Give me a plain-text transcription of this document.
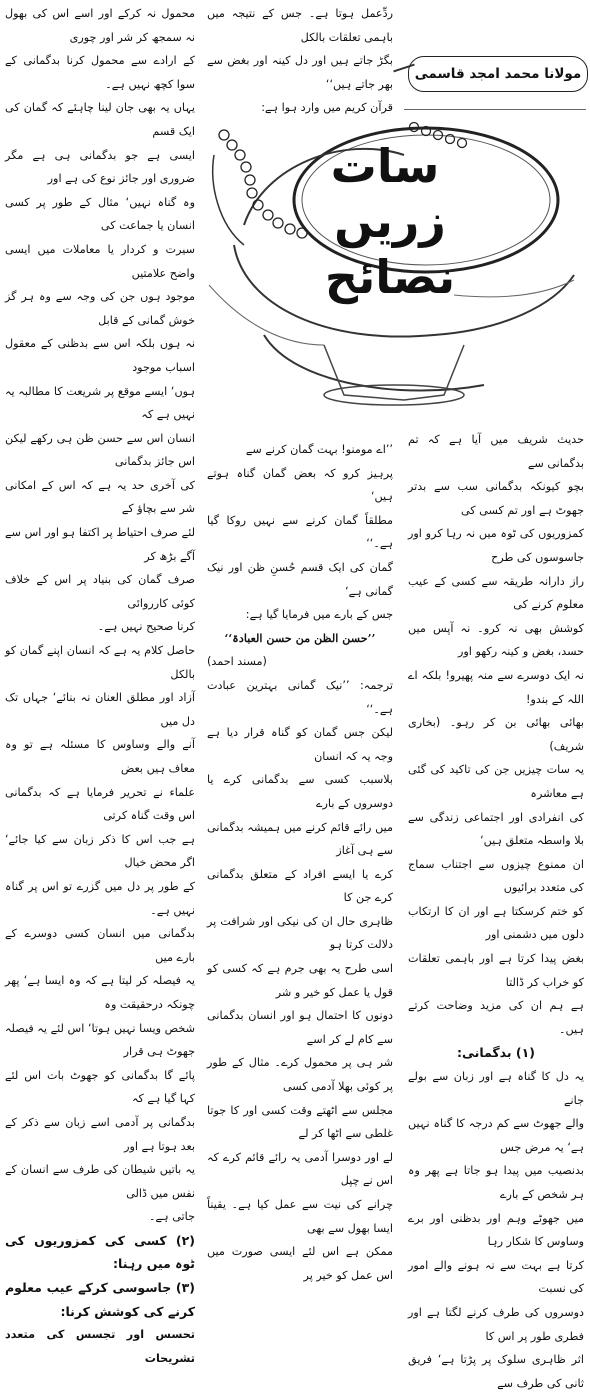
سات
زریں نصائح
مولانا محمد امجد قاسمی

ردِّعمل ہوتا ہے۔ جس کے نتیجہ میں باہمی تعلقات بالکل

بگڑ جاتے ہیں اور دل کینہ اور بغض سے بھر جاتے ہیں‘‘

قرآن کریم میں وارد ہوا ہے:

حدیث شریف میں آیا ہے کہ تم بدگمانی سے

بچو کیونکہ بدگمانی سب سے بدتر جھوٹ ہے اور تم کسی کی

کمزوریوں کی ٹوہ میں نہ رہا کرو اور جاسوسوں کی طرح

راز دارانہ طریقہ سے کسی کے عیب معلوم کرنے کی

کوشش بھی نہ کرو۔ نہ آپس میں حسد، بغض و کینہ رکھو اور

نہ ایک دوسرے سے منہ پھیرو! بلکہ اے اللہ کے بندو!

بھائی بھائی بن کر رہو۔ (بخاری شریف)

یہ سات چیزیں جن کی تاکید کی گئی ہے معاشرہ

کی انفرادی اور اجتماعی زندگی سے بلا واسطہ متعلق ہیں‘

ان ممنوع چیزوں سے اجتناب سماج کی متعدد برائیوں

کو ختم کرسکتا ہے اور ان کا ارتکاب دلوں میں دشمنی اور

بغض پیدا کرتا ہے اور باہمی تعلقات کو خراب کر ڈالتا

ہے ہم ان کی مزید وضاحت کرتے ہیں۔

(۱) بدگمانی:

یہ دل کا گناہ ہے اور زبان سے بولے جانے

والے جھوٹ سے کم درجہ کا گناہ نہیں ہے‘ یہ مرض جس

بدنصیب میں پیدا ہو جاتا ہے پھر وہ ہر شخص کے بارے

میں جھوٹے وہم اور بدظنی اور برے وساوس کا شکار رہا

کرتا ہے بہت سے نہ ہونے والے امور کی نسبت

دوسروں کی طرف کرنے لگتا ہے اور فطری طور پر اس کا

اثر ظاہری سلوک پر پڑتا ہے‘ فریق ثانی کی طرف سے

’’اے مومنو! بہت گمان کرنے سے

پرہیز کرو کہ بعض گمان گناہ ہوتے ہیں‘

مطلقاً گمان کرنے سے نہیں روکا گیا ہے۔‘‘

گمان کی ایک قسم حُسنِ ظن اور نیک گمانی ہے‘

جس کے بارے میں فرمایا گیا ہے:

’’حسن الظن من حسن العبادۃ‘‘

(مسند احمد)

ترجمہ: ’’نیک گمانی بہترین عبادت ہے۔‘‘

لیکن جس گمان کو گناہ قرار دیا ہے وجہ یہ کہ انسان

بلاسبب کسی سے بدگمانی کرے یا دوسروں کے بارے

میں رائے قائم کرنے میں ہمیشہ بدگمانی سے ہی آغاز

کرے یا ایسے افراد کے متعلق بدگمانی کرے جن کا

ظاہری حال ان کی نیکی اور شرافت پر دلالت کرتا ہو

اسی طرح یہ بھی جرم ہے کہ کسی کو قول یا عمل کو خیر و شر

دونوں کا احتمال ہو اور انسان بدگمانی سے کام لے کر اسے

شر ہی پر محمول کرے۔ مثال کے طور پر کوئی بھلا آدمی کسی

مجلس سے اٹھتے وقت کسی اور کا جوتا غلطی سے اٹھا کر لے

لے اور دوسرا آدمی یہ رائے قائم کرے کہ اس نے چپل

چرانے کی نیت سے عمل کیا ہے۔ یقیناً ایسا بھول سے بھی

ممکن ہے اس لئے ایسی صورت میں اس عمل کو خیر پر

محمول نہ کرکے اور اسے اس کی بھول نہ سمجھ کر شر اور چوری

کے ارادے سے محمول کرنا بدگمانی کے سوا کچھ نہیں ہے۔

یہاں یہ بھی جان لینا چاہئے کہ گمان کی ایک قسم

ایسی ہے جو بدگمانی ہی ہے مگر ضروری اور جائز نوع کی ہے اور

وہ گناہ نہیں‘ مثال کے طور پر کسی انسان یا جماعت کی

سیرت و کردار یا معاملات میں ایسی واضح علامتیں

موجود ہوں جن کی وجہ سے وہ ہر گز خوش گمانی کے قابل

نہ ہوں بلکہ اس سے بدظنی کے معقول اسباب موجود

ہوں‘ ایسے موقع پر شریعت کا مطالبہ یہ نہیں ہے کہ

انسان اس سے حسن ظن ہی رکھے لیکن اس جائز بدگمانی

کی آخری حد یہ ہے کہ اس کے امکانی شر سے بچاؤ کے

لئے صرف احتیاط پر اکتفا ہو اور اس سے آگے بڑھ کر

صرف گمان کی بنیاد پر اس کے خلاف کوئی کارروائی

کرنا صحیح نہیں ہے۔

حاصل کلام یہ ہے کہ انسان اپنے گمان کو بالکل

آزاد اور مطلق العنان نہ بنائے‘ جہاں تک دل میں

آنے والے وساوس کا مسئلہ ہے تو وہ معاف ہیں بعض

علماء نے تحریر فرمایا ہے کہ بدگمانی اس وقت گناہ کرتی

ہے جب اس کا ذکر زبان سے کیا جائے‘ اگر محض خیال

کے طور پر دل میں گزرے تو اس پر گناہ نہیں ہے۔

بدگمانی میں انسان کسی دوسرے کے بارے میں

یہ فیصلہ کر لیتا ہے کہ وہ ایسا ہے‘ پھر چونکہ درحقیقت وہ

شخص ویسا نہیں ہوتا‘ اس لئے یہ فیصلہ جھوٹ ہی قرار

پائے گا بدگمانی کو جھوٹ بات اس لئے کہا گیا ہے کہ

بدگمانی پر آدمی اسے زبان سے ذکر کے بعد ہوتا ہے اور

یہ باتیں شیطان کی طرف سے انسان کے نفس میں ڈالی

جاتی ہے۔

(۲) کسی کی کمزوریوں کی ٹوہ میں رہنا:

(۳) جاسوسی کرکے عیب معلوم کرنے کی کوشش کرنا:

تحسس اور تجسس کی متعدد تشریحات
